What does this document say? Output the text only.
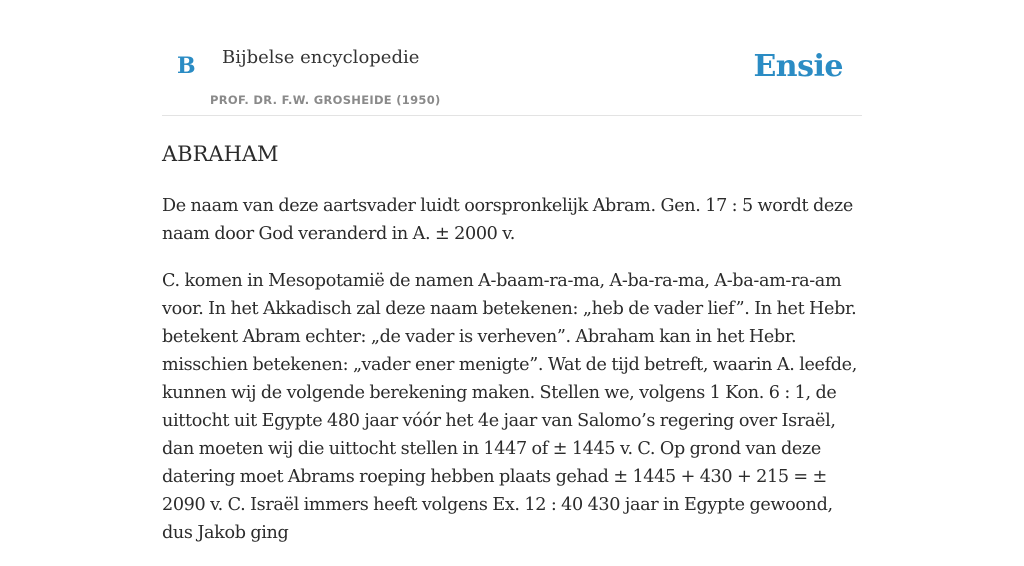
B Bijbelse encyclopedie
PROF. DR. F.W. GROSHEIDE (1950)
Ensie
ABRAHAM

De naam van deze aartsvader luidt oorspronkelijk Abram. Gen. 17 : 5 wordt deze naam door God veranderd in A. ± 2000 v.

C. komen in Mesopotamië de namen A-baam-ra-ma, A-ba-ra-ma, A-ba-am-ra-am voor. In het Akkadisch zal deze naam betekenen: „heb de vader lief”. In het Hebr. betekent Abram echter: „de vader is verheven”. Abraham kan in het Hebr. misschien betekenen: „vader ener menigte”. Wat de tijd betreft, waarin A. leefde, kunnen wij de volgende berekening maken. Stellen we, volgens 1 Kon. 6 : 1, de uittocht uit Egypte 480 jaar vóór het 4e jaar van Salomo’s regering over Israël, dan moeten wij die uittocht stellen in 1447 of ± 1445 v. C. Op grond van deze datering moet Abrams roeping hebben plaats gehad ± 1445 + 430 + 215 = ± 2090 v. C. Israël immers heeft volgens Ex. 12 : 40 430 jaar in Egypte gewoond, dus Jakob ging
